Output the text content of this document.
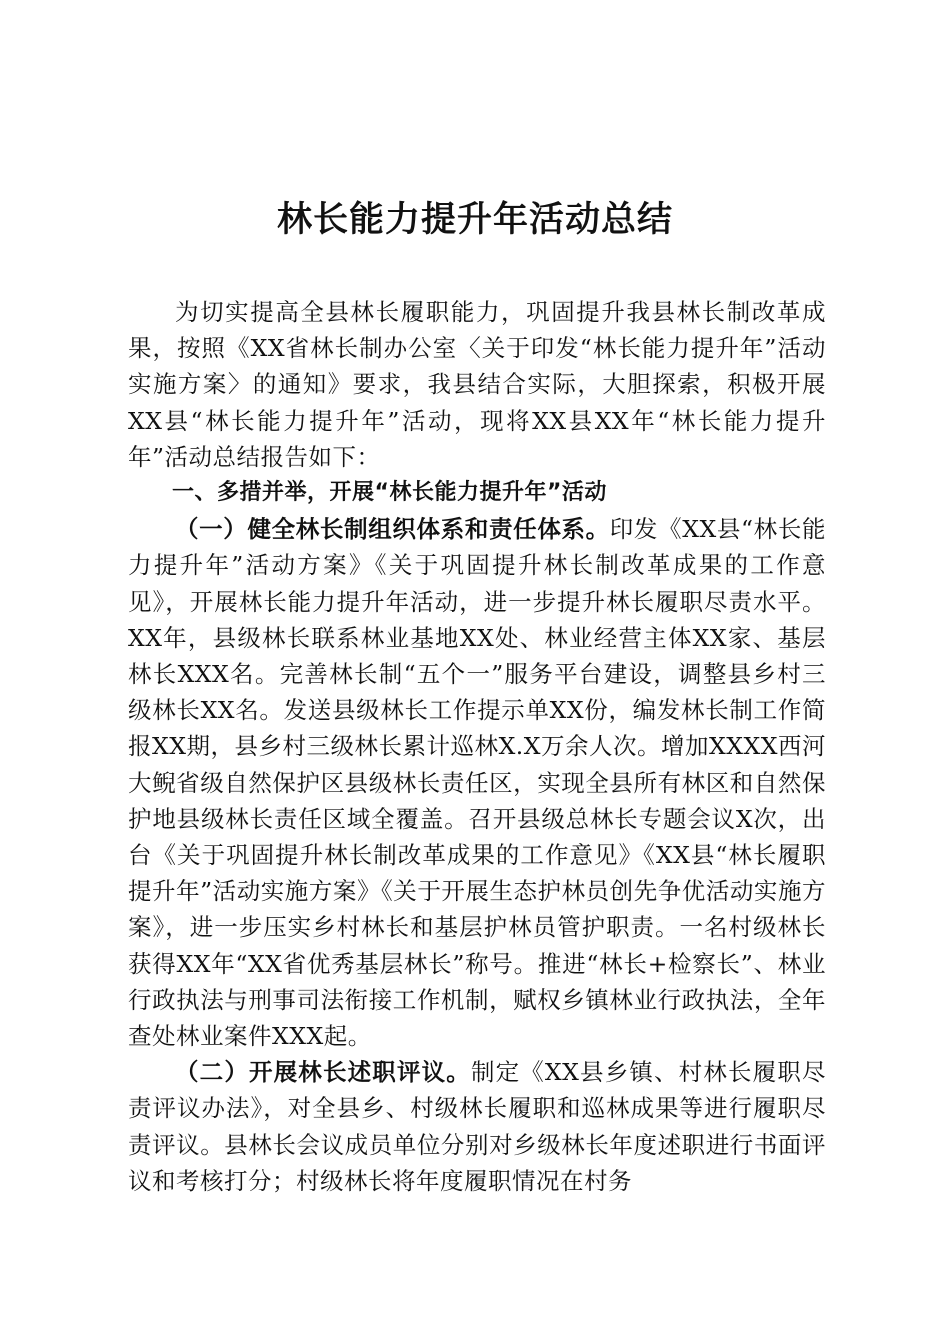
林长能力提升年活动总结

为切实提高全县林长履职能力，巩固提升我县林长制改革成果，按照《XX省林长制办公室〈关于印发“林长能力提升年”活动实施方案〉的通知》要求，我县结合实际，大胆探索，积极开展XX县“林长能力提升年”活动，现将XX县XX年“林长能力提升年”活动总结报告如下：

一、多措并举，开展“林长能力提升年”活动

（一）健全林长制组织体系和责任体系。印发《XX县“林长能力提升年”活动方案》《关于巩固提升林长制改革成果的工作意见》，开展林长能力提升年活动，进一步提升林长履职尽责水平。XX年，县级林长联系林业基地XX处、林业经营主体XX家、基层林长XXX名。完善林长制“五个一”服务平台建设，调整县乡村三级林长XX名。发送县级林长工作提示单XX份，编发林长制工作简报XX期，县乡村三级林长累计巡林X.X万余人次。增加XXXX西河大鲵省级自然保护区县级林长责任区，实现全县所有林区和自然保护地县级林长责任区域全覆盖。召开县级总林长专题会议X次，出台《关于巩固提升林长制改革成果的工作意见》《XX县“林长履职提升年”活动实施方案》《关于开展生态护林员创先争优活动实施方案》，进一步压实乡村林长和基层护林员管护职责。一名村级林长获得XX年“XX省优秀基层林长”称号。推进“林长+检察长”、林业行政执法与刑事司法衔接工作机制，赋权乡镇林业行政执法，全年查处林业案件XXX起。

（二）开展林长述职评议。制定《XX县乡镇、村林长履职尽责评议办法》，对全县乡、村级林长履职和巡林成果等进行履职尽责评议。县林长会议成员单位分别对乡级林长年度述职进行书面评议和考核打分；村级林长将年度履职情况在村务
